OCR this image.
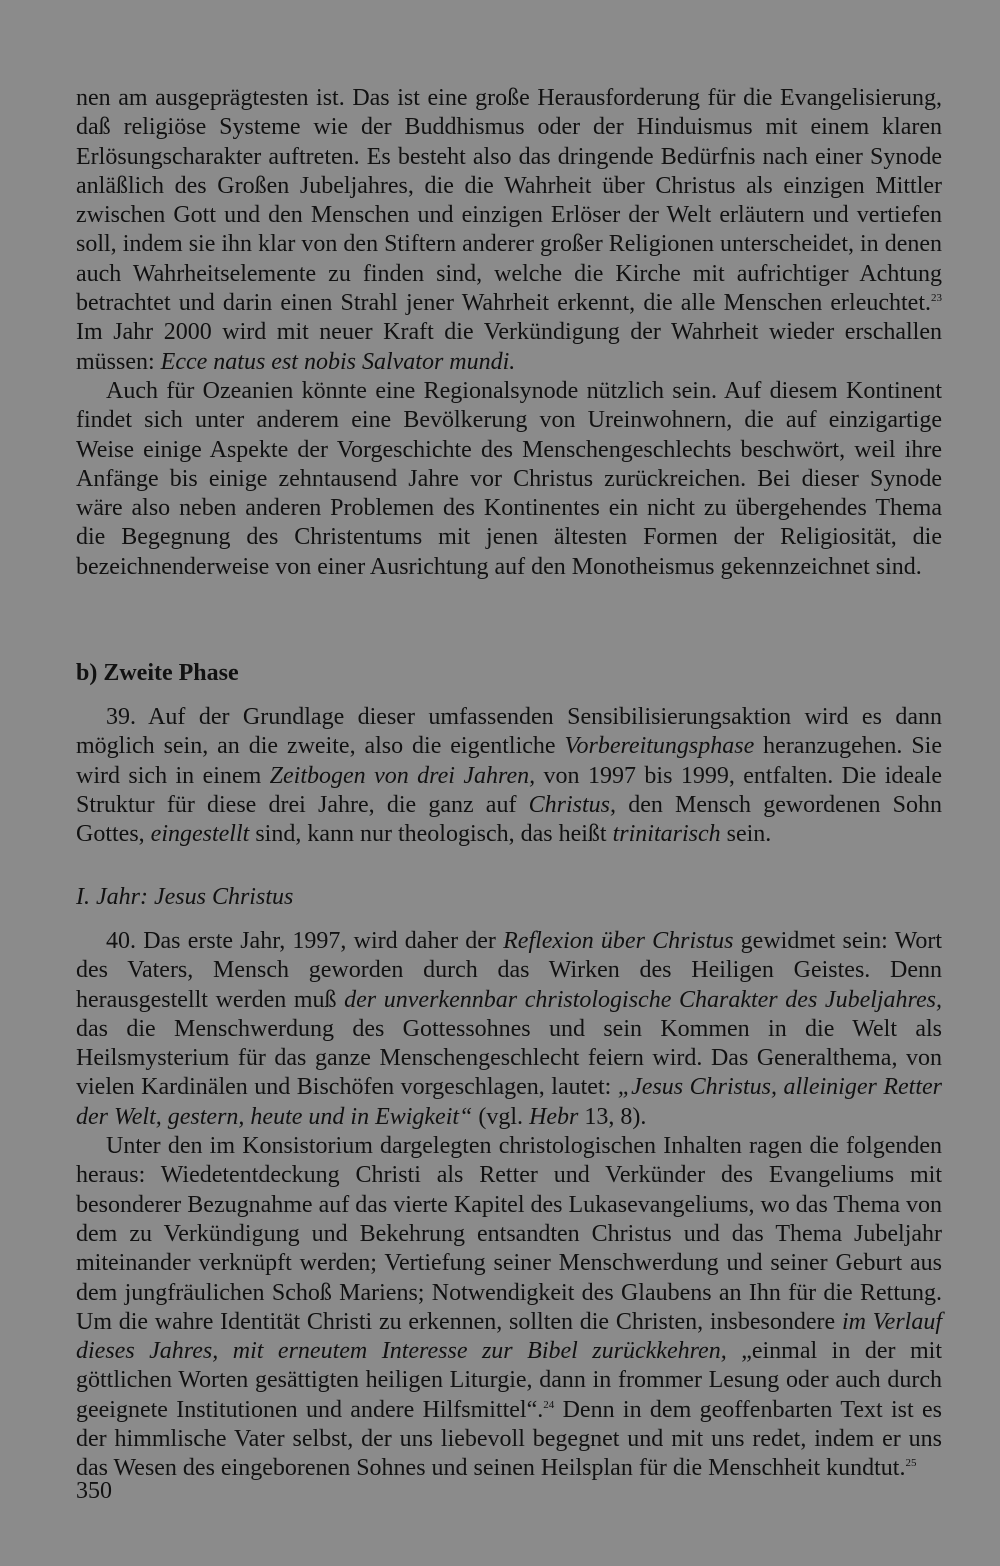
nen am ausgeprägtesten ist. Das ist eine große Herausforderung für die Evangelisierung, daß religiöse Systeme wie der Buddhismus oder der Hinduismus mit einem klaren Erlösungscharakter auftreten. Es besteht also das dringende Bedürfnis nach einer Synode anläßlich des Großen Jubeljahres, die die Wahrheit über Christus als einzigen Mittler zwischen Gott und den Menschen und einzigen Erlöser der Welt erläutern und vertiefen soll, indem sie ihn klar von den Stiftern anderer großer Religionen unterscheidet, in denen auch Wahrheitselemente zu finden sind, welche die Kirche mit aufrichtiger Achtung betrachtet und darin einen Strahl jener Wahrheit erkennt, die alle Menschen erleuchtet.$^{23}$ Im Jahr 2000 wird mit neuer Kraft die Verkündigung der Wahrheit wieder erschallen müssen: Ecce natus est nobis Salvator mundi.

Auch für Ozeanien könnte eine Regionalsynode nützlich sein. Auf diesem Kontinent findet sich unter anderem eine Bevölkerung von Ureinwohnern, die auf einzigartige Weise einige Aspekte der Vorgeschichte des Menschengeschlechts beschwört, weil ihre Anfänge bis einige zehntausend Jahre vor Christus zurückreichen. Bei dieser Synode wäre also neben anderen Problemen des Kontinentes ein nicht zu übergehendes Thema die Begegnung des Christentums mit jenen ältesten Formen der Religiosität, die bezeichnenderweise von einer Ausrichtung auf den Monotheismus gekennzeichnet sind.

b) Zweite Phase

39. Auf der Grundlage dieser umfassenden Sensibilisierungsaktion wird es dann möglich sein, an die zweite, also die eigentliche Vorbereitungsphase heranzugehen. Sie wird sich in einem Zeitbogen von drei Jahren, von 1997 bis 1999, entfalten. Die ideale Struktur für diese drei Jahre, die ganz auf Christus, den Mensch gewordenen Sohn Gottes, eingestellt sind, kann nur theologisch, das heißt trinitarisch sein.

I. Jahr: Jesus Christus

40. Das erste Jahr, 1997, wird daher der Reflexion über Christus gewidmet sein: Wort des Vaters, Mensch geworden durch das Wirken des Heiligen Geistes. Denn herausgestellt werden muß der unverkennbar christologische Charakter des Jubeljahres, das die Menschwerdung des Gottessohnes und sein Kommen in die Welt als Heilsmysterium für das ganze Menschengeschlecht feiern wird. Das Generalthema, von vielen Kardinälen und Bischöfen vorgeschlagen, lautet: „Jesus Christus, alleiniger Retter der Welt, gestern, heute und in Ewigkeit“ (vgl. Hebr 13, 8).

Unter den im Konsistorium dargelegten christologischen Inhalten ragen die folgenden heraus: Wiedetentdeckung Christi als Retter und Verkünder des Evangeliums mit besonderer Bezugnahme auf das vierte Kapitel des Lukasevangeliums, wo das Thema von dem zu Verkündigung und Bekehrung entsandten Christus und das Thema Jubeljahr miteinander verknüpft werden; Vertiefung seiner Menschwerdung und seiner Geburt aus dem jungfräulichen Schoß Mariens; Notwendigkeit des Glaubens an Ihn für die Rettung. Um die wahre Identität Christi zu erkennen, sollten die Christen, insbesondere im Verlauf dieses Jahres, mit erneutem Interesse zur Bibel zurückkehren, „einmal in der mit göttlichen Worten gesättigten heiligen Liturgie, dann in frommer Lesung oder auch durch geeignete Institutionen und andere Hilfsmittel“.$^{24}$ Denn in dem geoffenbarten Text ist es der himmlische Vater selbst, der uns liebevoll begegnet und mit uns redet, indem er uns das Wesen des eingeborenen Sohnes und seinen Heilsplan für die Menschheit kundtut.$^{25}$

350
